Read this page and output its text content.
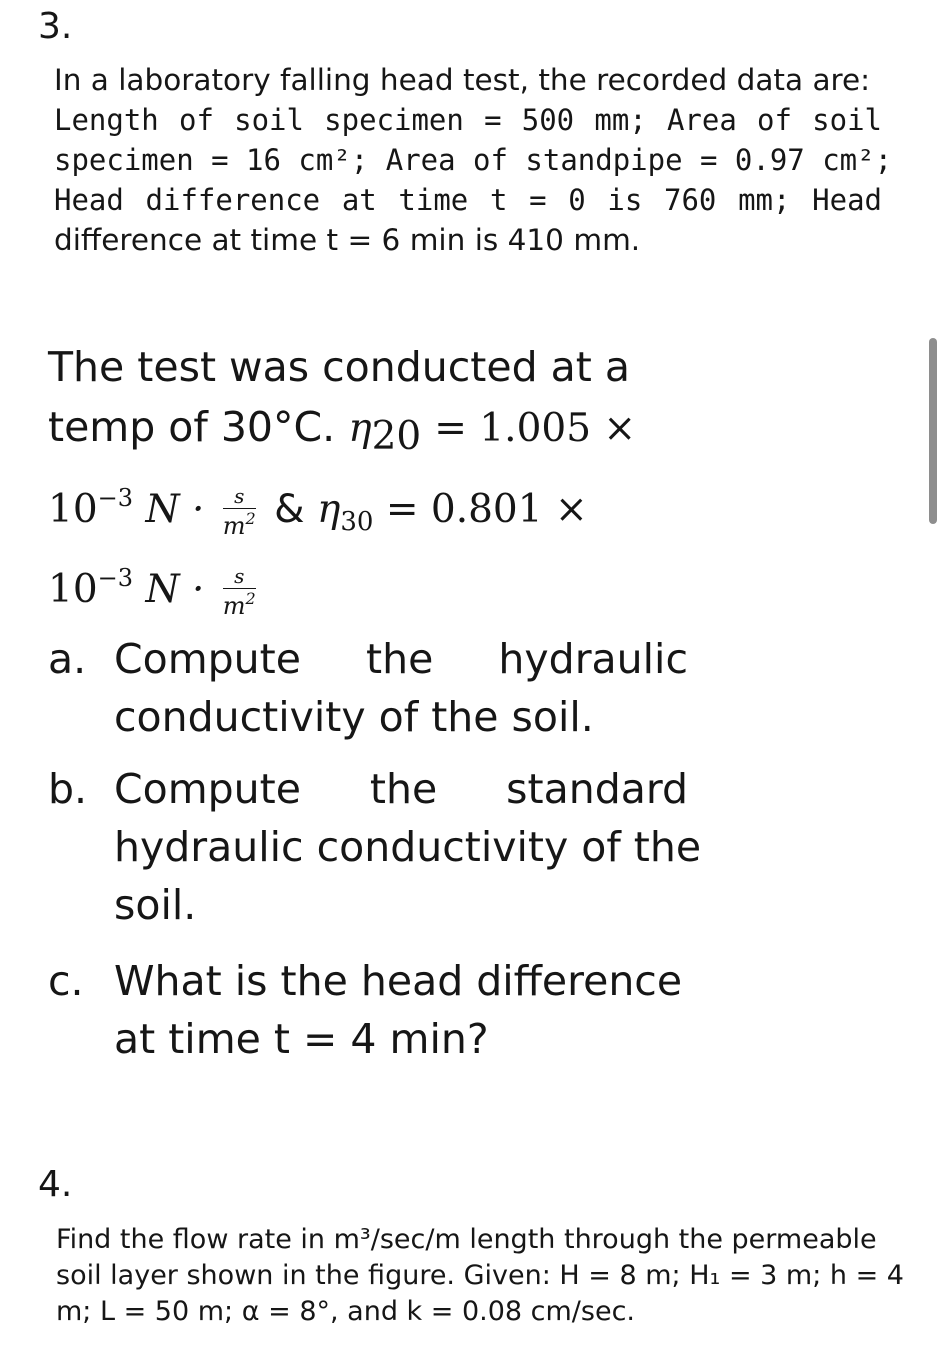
3.
In a laboratory falling head test, the recorded data are:
Length of soil specimen = 500 mm; Area of soil
specimen = 16 cm²; Area of standpipe = 0.97 cm²;
Head difference at time t = 0 is 760 mm; Head
difference at time t = 6 min is 410 mm.
The test was conducted at a
temp of 30°C. $\eta_{20} = 1.005$ ×
$10^{-3}$ $N \cdot \frac{s}{m^2}$ & $\eta_{30} = 0.801$ ×
$10^{-3}$ $N \cdot \frac{s}{m^2}$
a. Compute the hydraulic
conductivity of the soil.
b. Compute the standard
hydraulic conductivity of the
soil.
c. What is the head difference
at time t = 4 min?
4.
Find the flow rate in m³/sec/m length through the permeable
soil layer shown in the figure. Given: H = 8 m; H₁ = 3 m; h = 4
m; L = 50 m; α = 8°, and k = 0.08 cm/sec.
